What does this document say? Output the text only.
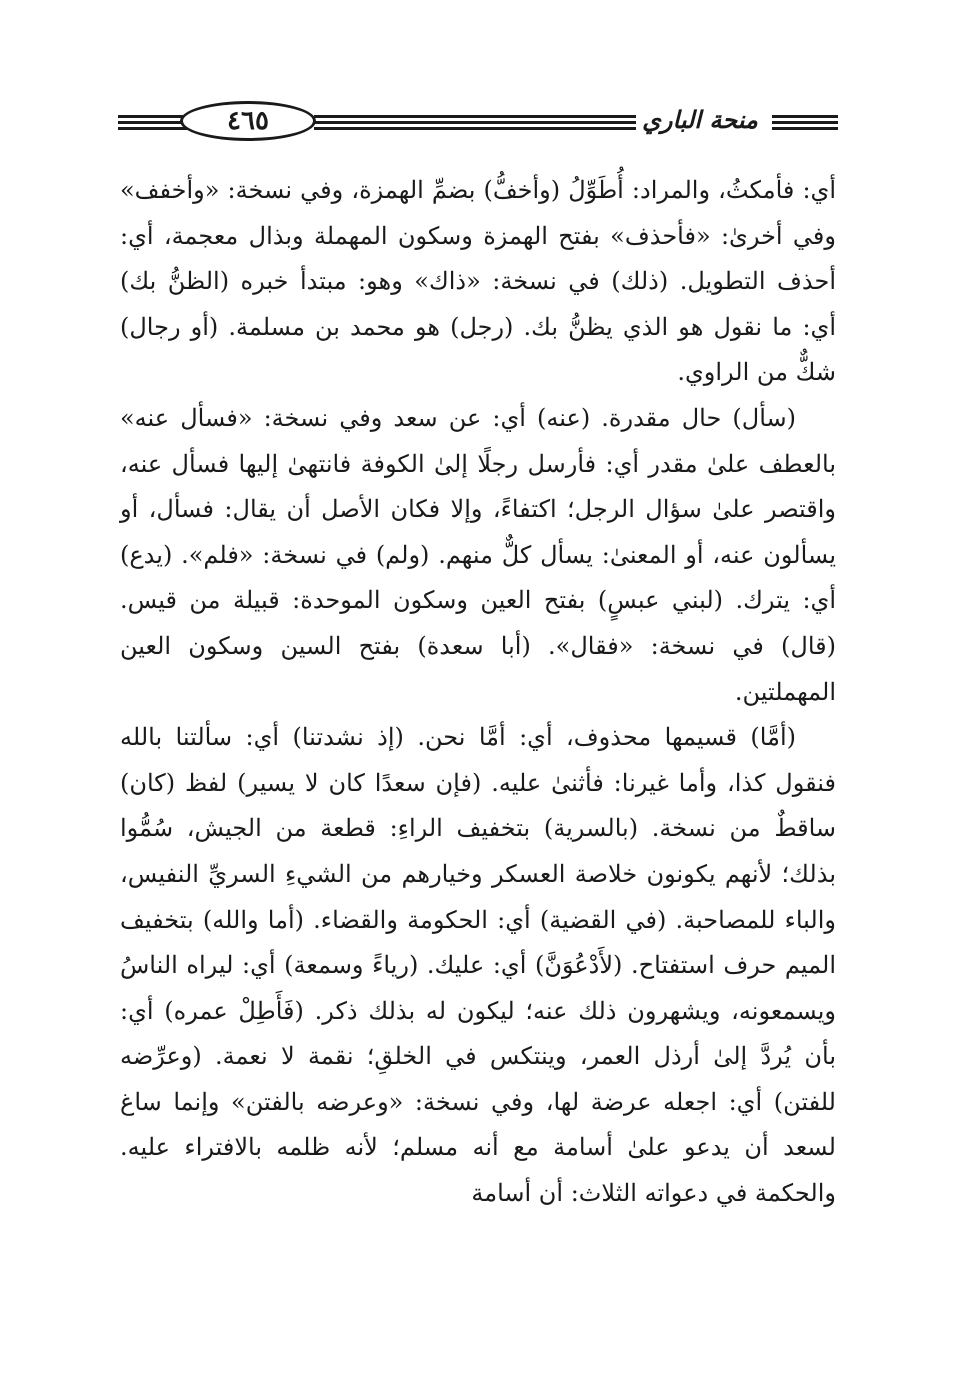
٤٦٥	منحة الباري

أي: فأمكثُ، والمراد: أُطَوِّلُ (وأخفُّ) بضمِّ الهمزة، وفي نسخة: «وأخفف» وفي أخرىٰ: «فأحذف» بفتح الهمزة وسكون المهملة وبذال معجمة، أي: أحذف التطويل. (ذلك) في نسخة: «ذاك» وهو: مبتدأ خبره (الظنُّ بك) أي: ما نقول هو الذي يظنُّ بك. (رجل) هو محمد بن مسلمة. (أو رجال) شكٌّ من الراوي.

(سأل) حال مقدرة. (عنه) أي: عن سعد وفي نسخة: «فسأل عنه» بالعطف علىٰ مقدر أي: فأرسل رجلًا إلىٰ الكوفة فانتهىٰ إليها فسأل عنه، واقتصر علىٰ سؤال الرجل؛ اكتفاءً، وإلا فكان الأصل أن يقال: فسأل، أو يسألون عنه، أو المعنىٰ: يسأل كلٌّ منهم. (ولم) في نسخة: «فلم». (يدع) أي: يترك. (لبني عبسٍ) بفتح العين وسكون الموحدة: قبيلة من قيس. (قال) في نسخة: «فقال». (أبا سعدة) بفتح السين وسكون العين المهملتين.

(أمَّا) قسيمها محذوف، أي: أمَّا نحن. (إذ نشدتنا) أي: سألتنا بالله فنقول كذا، وأما غيرنا: فأثنىٰ عليه. (فإن سعدًا كان لا يسير) لفظ (كان) ساقطٌ من نسخة. (بالسرية) بتخفيف الراءِ: قطعة من الجيش، سُمُّوا بذلك؛ لأنهم يكونون خلاصة العسكر وخيارهم من الشيءِ السريِّ النفيس، والباء للمصاحبة. (في القضية) أي: الحكومة والقضاء. (أما والله) بتخفيف الميم حرف استفتاح. (لأَدْعُوَنَّ) أي: عليك. (رياءً وسمعة) أي: ليراه الناسُ ويسمعونه، ويشهرون ذلك عنه؛ ليكون له بذلك ذكر. (فَأَطِلْ عمره) أي: بأن يُردَّ إلىٰ أرذل العمر، وينتكس في الخلقِ؛ نقمة لا نعمة. (وعرِّضه للفتن) أي: اجعله عرضة لها، وفي نسخة: «وعرضه بالفتن» وإنما ساغ لسعد أن يدعو علىٰ أسامة مع أنه مسلم؛ لأنه ظلمه بالافتراء عليه. والحكمة في دعواته الثلاث: أن أسامة
